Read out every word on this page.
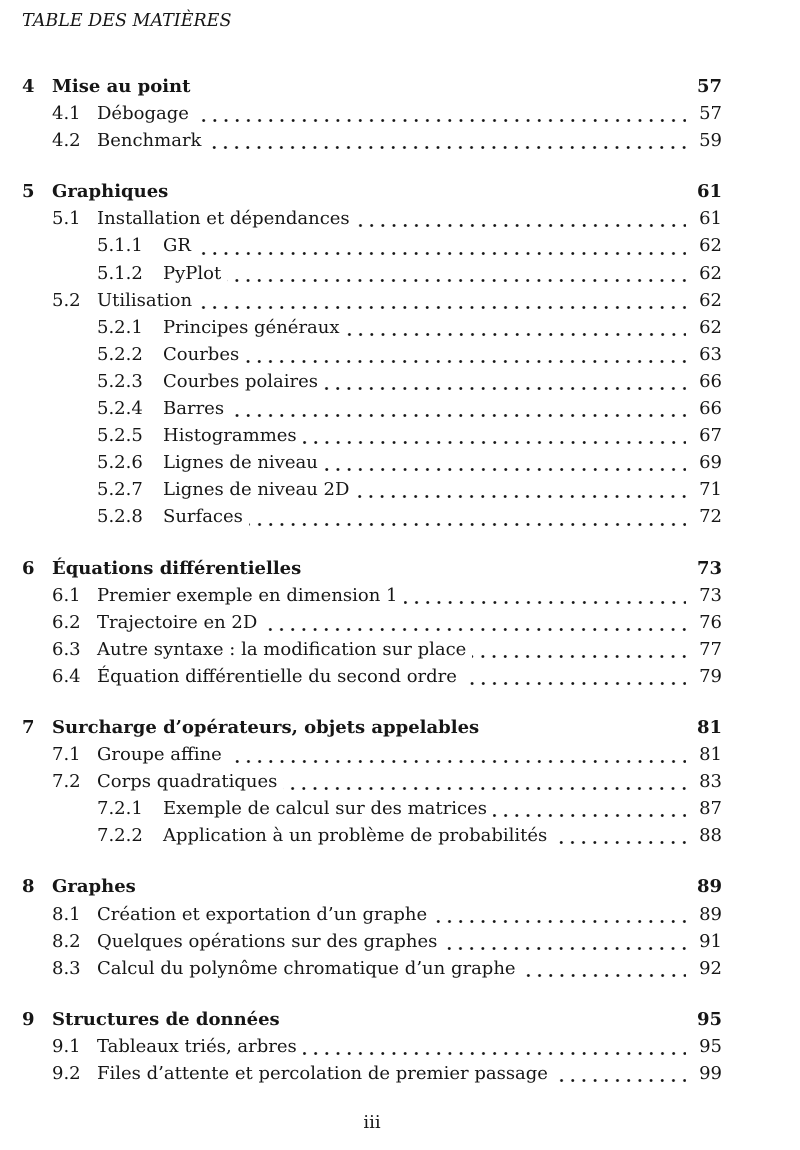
TABLE DES MATIÈRES
4 Mise au point	57
4.1 Débogage	57
4.2 Benchmark	59
5 Graphiques	61
5.1 Installation et dépendances	61
5.1.1	GR	62
5.1.2	PyPlot	62
5.2 Utilisation	62
5.2.1	Principes généraux	62
5.2.2	Courbes	63
5.2.3	Courbes polaires	66
5.2.4	Barres	66
5.2.5	Histogrammes	67
5.2.6	Lignes de niveau	69
5.2.7	Lignes de niveau 2D	71
5.2.8	Surfaces	72
6 Équations différentielles	73
6.1 Premier exemple en dimension 1	73
6.2 Trajectoire en 2D	76
6.3 Autre syntaxe : la modification sur place	77
6.4 Équation différentielle du second ordre	79
7 Surcharge d’opérateurs, objets appelables	81
7.1 Groupe affine	81
7.2 Corps quadratiques	83
7.2.1	Exemple de calcul sur des matrices	87
7.2.2	Application à un problème de probabilités	88
8 Graphes	89
8.1 Création et exportation d’un graphe	89
8.2 Quelques opérations sur des graphes	91
8.3 Calcul du polynôme chromatique d’un graphe	92
9 Structures de données	95
9.1 Tableaux triés, arbres	95
9.2 Files d’attente et percolation de premier passage	99
iii
